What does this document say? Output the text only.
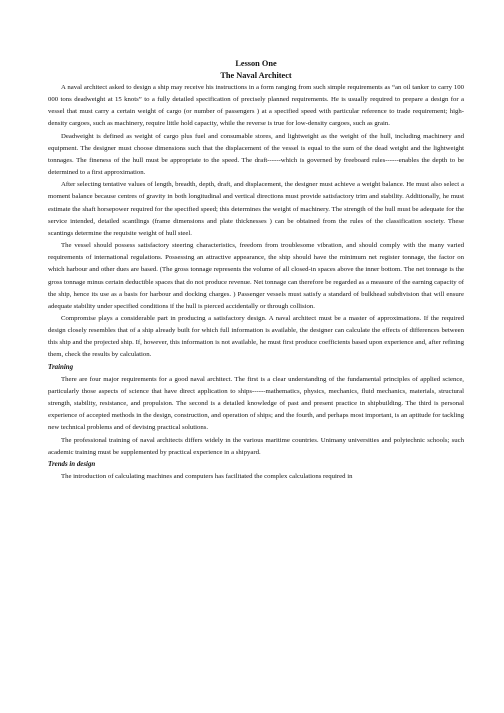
Lesson One

The Naval Architect

A naval architect asked to design a ship may receive his instructions in a form ranging from such simple requirements as “an oil tanker to carry 100 000 tons deadweight at 15 knots” to a fully detailed specification of precisely planned requirements. He is usually required to prepare a design for a vessel that must carry a certain weight of cargo (or number of passengers ) at a specified speed with particular reference to trade requirement; high-density cargoes, such as machinery, require little hold capacity, while the reverse is true for low-density cargoes, such as grain.

Deadweight is defined as weight of cargo plus fuel and consumable stores, and lightweight as the weight of the hull, including machinery and equipment. The designer must choose dimensions such that the displacement of the vessel is equal to the sum of the dead weight and the lightweight tonnages. The fineness of the hull must be appropriate to the speed. The draft------which is governed by freeboard rules------enables the depth to be determined to a first approximation.

After selecting tentative values of length, breadth, depth, draft, and displacement, the designer must achieve a weight balance. He must also select a moment balance because centres of gravity in both longitudinal and vertical directions must provide satisfactory trim and stability. Additionally, he must estimate the shaft horsepower required for the specified speed; this determines the weight of machinery. The strength of the hull must be adequate for the service intended, detailed scantlings (frame dimensions and plate thicknesses ) can be obtained from the rules of the classification society. These scantings determine the requisite weight of hull steel.

The vessel should possess satisfactory steering characteristics, freedom from troublesome vibration, and should comply with the many varied requirements of international regulations. Possessing an attractive appearance, the ship should have the minimum net register tonnage, the factor on which harbour and other dues are based. (The gross tonnage represents the volume of all closed-in spaces above the inner bottom. The net tonnage is the gross tonnage minus certain deductible spaces that do not produce revenue. Net tonnage can therefore be regarded as a measure of the earning capacity of the ship, hence its use as a basis for harbour and docking charges. ) Passenger vessels must satisfy a standard of bulkhead subdivision that will ensure adequate stability under specified conditions if the hull is pierced accidentally or through collision.

Compromise plays a considerable part in producing a satisfactory design. A naval architect must be a master of approximations. If the required design closely resembles that of a ship already built for which full information is available, the designer can calculate the effects of differences between this ship and the projected ship. If, however, this information is not available, he must first produce coefficients based upon experience and, after refining them, check the results by calculation.

Training

There are four major requirements for a good naval architect. The first is a clear understanding of the fundamental principles of applied science, particularly those aspects of science that have direct application to ships------mathematics, physics, mechanics, fluid mechanics, materials, structural strength, stability, resistance, and propulsion. The second is a detailed knowledge of past and present practice in shipbuilding. The third is personal experience of accepted methods in the design, construction, and operation of ships; and the fourth, and perhaps most important, is an aptitude for tackling new technical problems and of devising practical solutions.

The professional training of naval architects differs widely in the various maritime countries. Unimany universities and polytechnic schools; such academic training must be supplemented by practical experience in a shipyard.

Trends in design

The introduction of calculating machines and computers has facilitated the complex calculations required in
